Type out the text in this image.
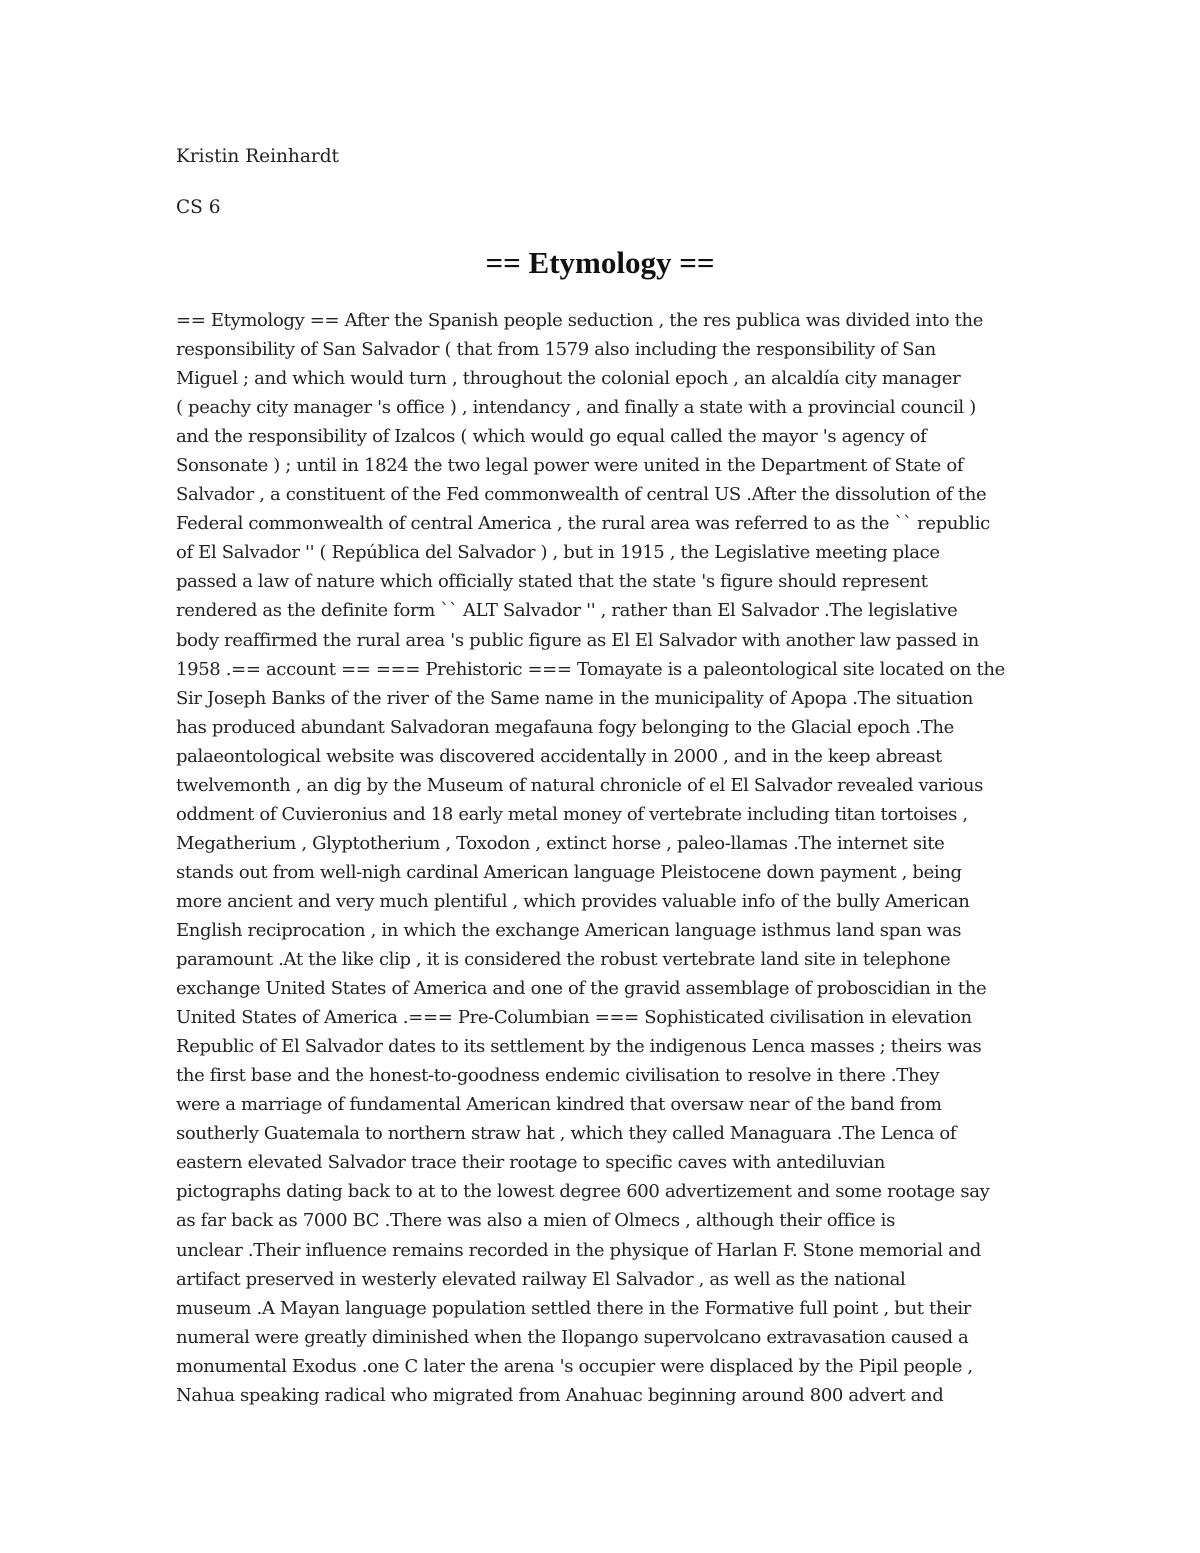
Kristin Reinhardt
CS 6
== Etymology ==
== Etymology == After the Spanish people seduction , the res publica was divided into the
responsibility of San Salvador ( that from 1579 also including the responsibility of San
Miguel ; and which would turn , throughout the colonial epoch , an alcaldía city manager
( peachy city manager 's office ) , intendancy , and finally a state with a provincial council )
and the responsibility of Izalcos ( which would go equal called the mayor 's agency of
Sonsonate ) ; until in 1824 the two legal power were united in the Department of State of
Salvador , a constituent of the Fed commonwealth of central US .After the dissolution of the
Federal commonwealth of central America , the rural area was referred to as the `` republic
of El Salvador '' ( República del Salvador ) , but in 1915 , the Legislative meeting place
passed a law of nature which officially stated that the state 's figure should represent
rendered as the definite form `` ALT Salvador '' , rather than El Salvador .The legislative
body reaffirmed the rural area 's public figure as El El Salvador with another law passed in
1958 .== account == === Prehistoric === Tomayate is a paleontological site located on the
Sir Joseph Banks of the river of the Same name in the municipality of Apopa .The situation
has produced abundant Salvadoran megafauna fogy belonging to the Glacial epoch .The
palaeontological website was discovered accidentally in 2000 , and in the keep abreast
twelvemonth , an dig by the Museum of natural chronicle of el El Salvador revealed various
oddment of Cuvieronius and 18 early metal money of vertebrate including titan tortoises ,
Megatherium , Glyptotherium , Toxodon , extinct horse , paleo-llamas .The internet site
stands out from well-nigh cardinal American language Pleistocene down payment , being
more ancient and very much plentiful , which provides valuable info of the bully American
English reciprocation , in which the exchange American language isthmus land span was
paramount .At the like clip , it is considered the robust vertebrate land site in telephone
exchange United States of America and one of the gravid assemblage of proboscidian in the
United States of America .=== Pre-Columbian === Sophisticated civilisation in elevation
Republic of El Salvador dates to its settlement by the indigenous Lenca masses ; theirs was
the first base and the honest-to-goodness endemic civilisation to resolve in there .They
were a marriage of fundamental American kindred that oversaw near of the band from
southerly Guatemala to northern straw hat , which they called Managuara .The Lenca of
eastern elevated Salvador trace their rootage to specific caves with antediluvian
pictographs dating back to at to the lowest degree 600 advertizement and some rootage say
as far back as 7000 BC .There was also a mien of Olmecs , although their office is
unclear .Their influence remains recorded in the physique of Harlan F. Stone memorial and
artifact preserved in westerly elevated railway El Salvador , as well as the national
museum .A Mayan language population settled there in the Formative full point , but their
numeral were greatly diminished when the Ilopango supervolcano extravasation caused a
monumental Exodus .one C later the arena 's occupier were displaced by the Pipil people ,
Nahua speaking radical who migrated from Anahuac beginning around 800 advert and
